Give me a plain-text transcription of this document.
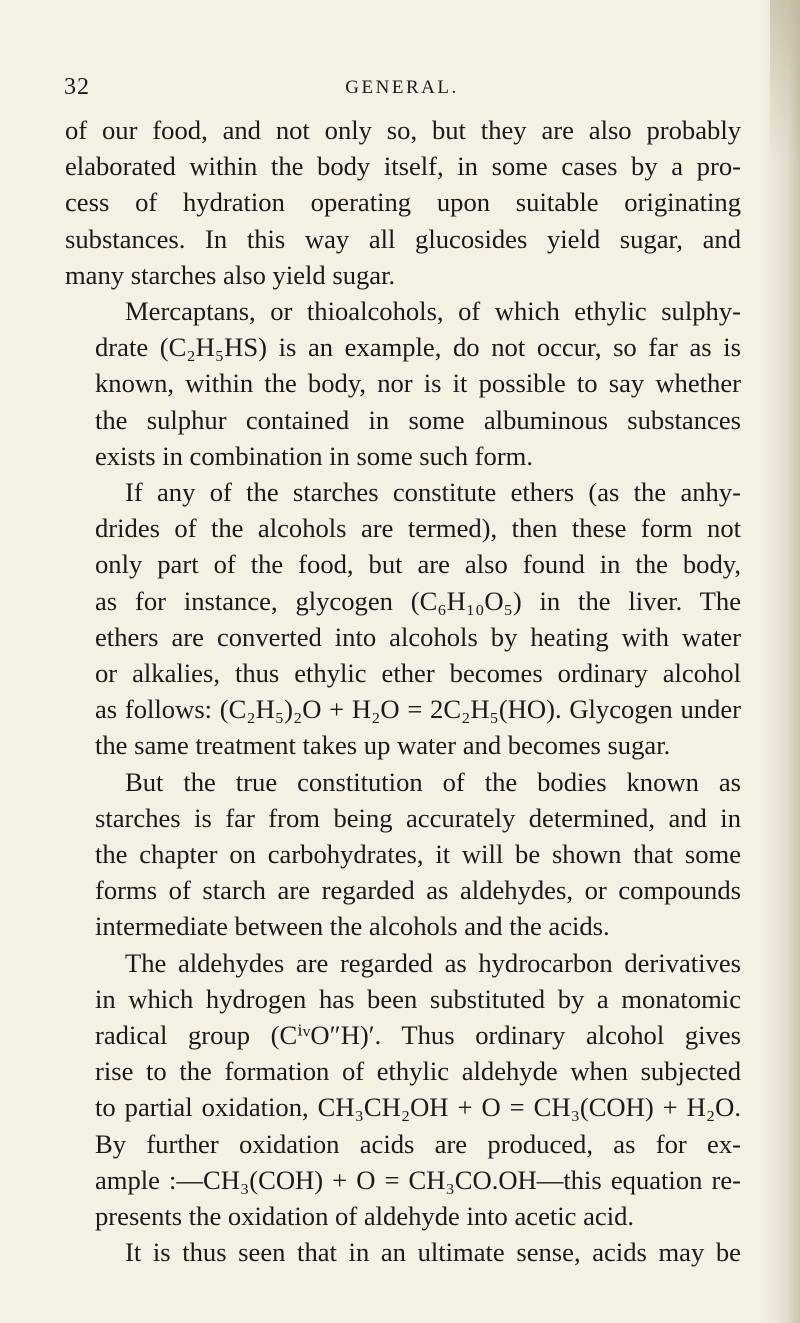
32	GENERAL.

of our food, and not only so, but they are also probably
elaborated within the body itself, in some cases by a pro-
cess of hydration operating upon suitable originating
substances. In this way all glucosides yield sugar, and
many starches also yield sugar.

Mercaptans, or thioalcohols, of which ethylic sulphy-
drate (C₂H₅HS) is an example, do not occur, so far as is
known, within the body, nor is it possible to say whether
the sulphur contained in some albuminous substances
exists in combination in some such form.

If any of the starches constitute ethers (as the anhy-
drides of the alcohols are termed), then these form not
only part of the food, but are also found in the body,
as for instance, glycogen (C₆H₁₀O₅) in the liver. The
ethers are converted into alcohols by heating with water
or alkalies, thus ethylic ether becomes ordinary alcohol
as follows: (C₂H₅)₂O + H₂O = 2C₂H₅(HO). Glycogen under
the same treatment takes up water and becomes sugar.

But the true constitution of the bodies known as
starches is far from being accurately determined, and in
the chapter on carbohydrates, it will be shown that some
forms of starch are regarded as aldehydes, or compounds
intermediate between the alcohols and the acids.

The aldehydes are regarded as hydrocarbon derivatives
in which hydrogen has been substituted by a monatomic
radical group (CⁱᵛO″H)′. Thus ordinary alcohol gives
rise to the formation of ethylic aldehyde when subjected
to partial oxidation, CH₃CH₂OH + O = CH₃(COH) + H₂O.
By further oxidation acids are produced, as for ex-
ample :—CH₃(COH) + O = CH₃CO.OH—this equation re-
presents the oxidation of aldehyde into acetic acid.

It is thus seen that in an ultimate sense, acids may be
